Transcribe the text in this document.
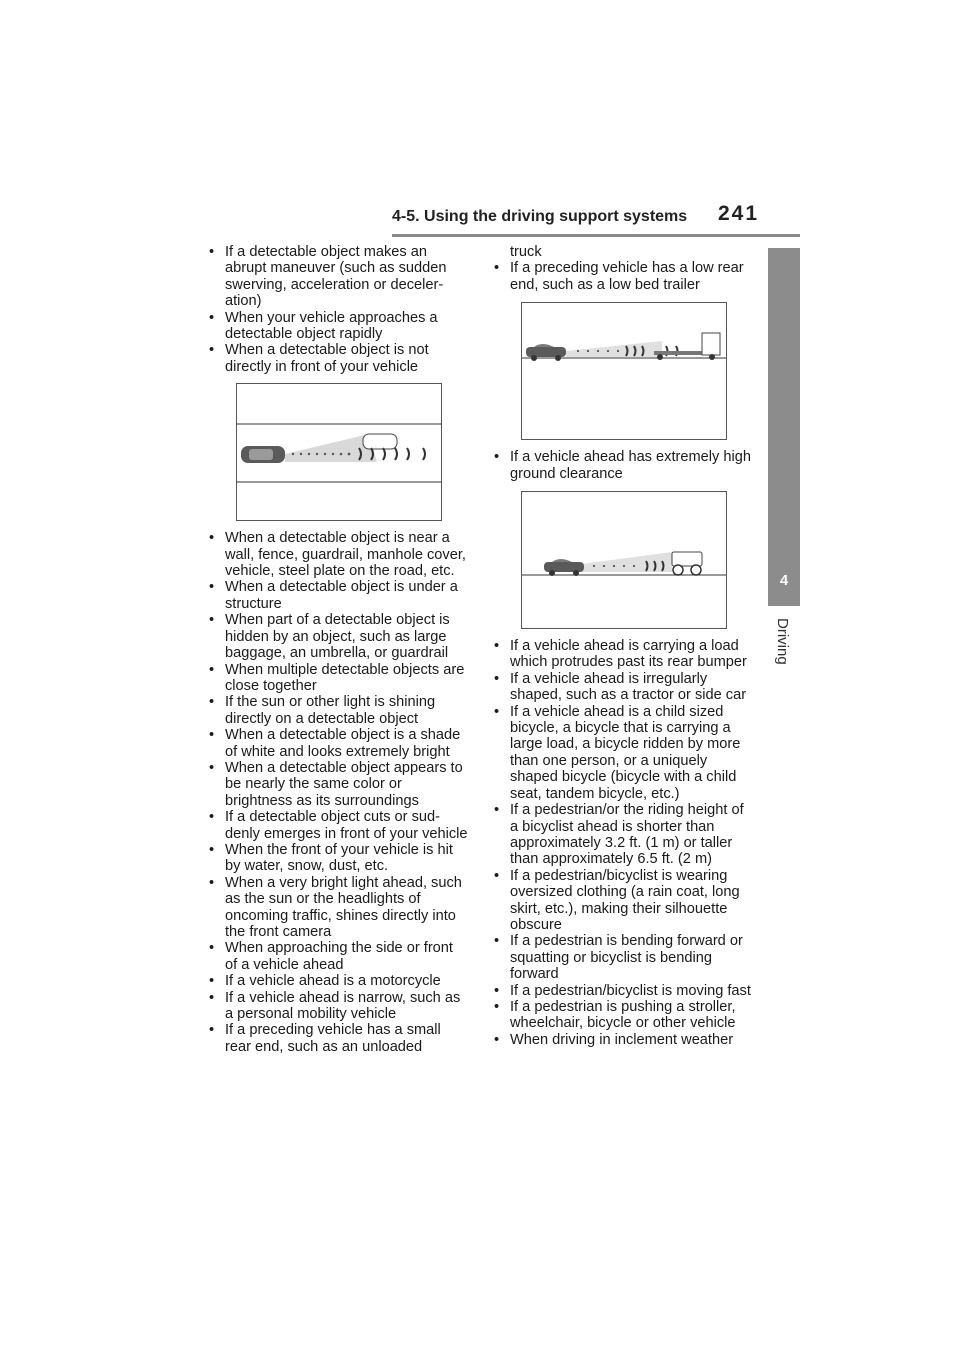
4-5. Using the driving support systems 241
4
Driving
• If a detectable object makes an abrupt maneuver (such as sudden swerving, acceleration or deceleration)
• When your vehicle approaches a detectable object rapidly
• When a detectable object is not directly in front of your vehicle
• When a detectable object is near a wall, fence, guardrail, manhole cover, vehicle, steel plate on the road, etc.
• When a detectable object is under a structure
• When part of a detectable object is hidden by an object, such as large baggage, an umbrella, or guardrail
• When multiple detectable objects are close together
• If the sun or other light is shining directly on a detectable object
• When a detectable object is a shade of white and looks extremely bright
• When a detectable object appears to be nearly the same color or brightness as its surroundings
• If a detectable object cuts or suddenly emerges in front of your vehicle
• When the front of your vehicle is hit by water, snow, dust, etc.
• When a very bright light ahead, such as the sun or the headlights of oncoming traffic, shines directly into the front camera
• When approaching the side or front of a vehicle ahead
• If a vehicle ahead is a motorcycle
• If a vehicle ahead is narrow, such as a personal mobility vehicle
• If a preceding vehicle has a small rear end, such as an unloaded
truck
• If a preceding vehicle has a low rear end, such as a low bed trailer
• If a vehicle ahead has extremely high ground clearance
• If a vehicle ahead is carrying a load which protrudes past its rear bumper
• If a vehicle ahead is irregularly shaped, such as a tractor or side car
• If a vehicle ahead is a child sized bicycle, a bicycle that is carrying a large load, a bicycle ridden by more than one person, or a uniquely shaped bicycle (bicycle with a child seat, tandem bicycle, etc.)
• If a pedestrian/or the riding height of a bicyclist ahead is shorter than approximately 3.2 ft. (1 m) or taller than approximately 6.5 ft. (2 m)
• If a pedestrian/bicyclist is wearing oversized clothing (a rain coat, long skirt, etc.), making their silhouette obscure
• If a pedestrian is bending forward or squatting or bicyclist is bending forward
• If a pedestrian/bicyclist is moving fast
• If a pedestrian is pushing a stroller, wheelchair, bicycle or other vehicle
• When driving in inclement weather
